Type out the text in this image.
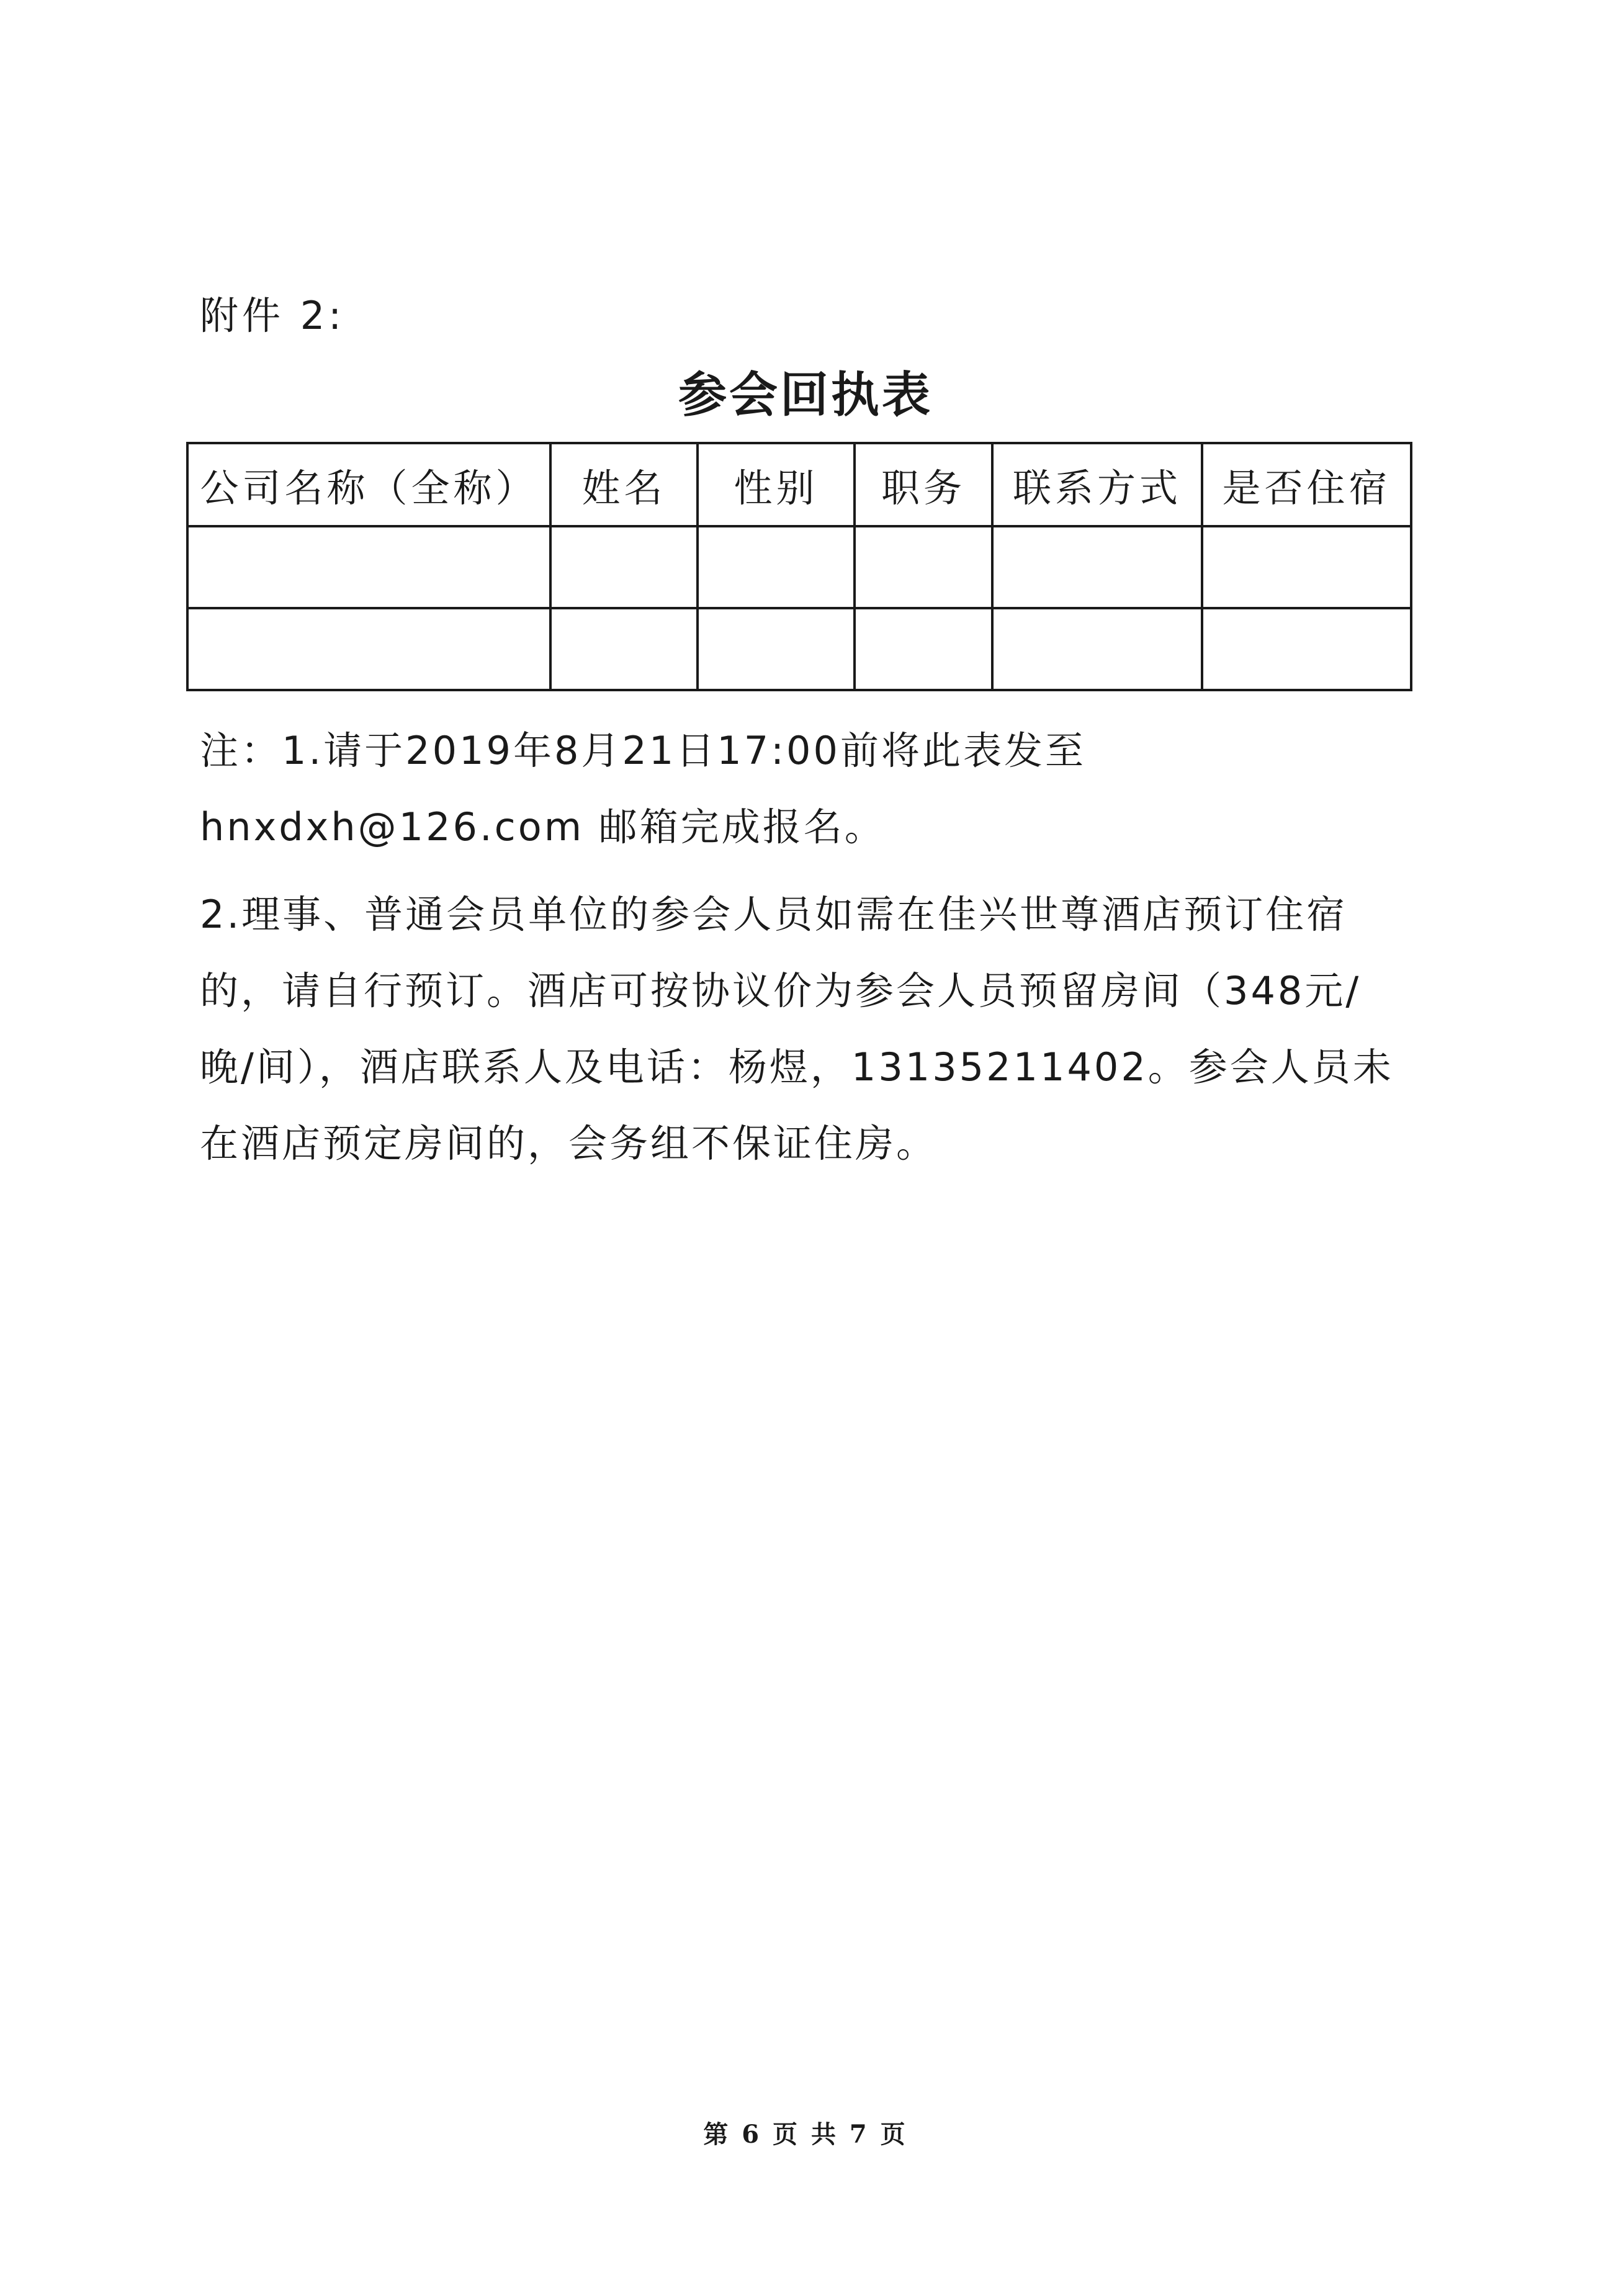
附件 2:
参会回执表
公司名称（全称）	姓名	性别	职务	联系方式	是否住宿

注：1.请于2019年8月21日17:00前将此表发至 hnxdxh@126.com 邮箱完成报名。

2.理事、普通会员单位的参会人员如需在佳兴世尊酒店预订住宿的，请自行预订。酒店可按协议价为参会人员预留房间（348元/晚/间），酒店联系人及电话：杨煜，13135211402。参会人员未在酒店预定房间的，会务组不保证住房。

第 6 页 共 7 页
